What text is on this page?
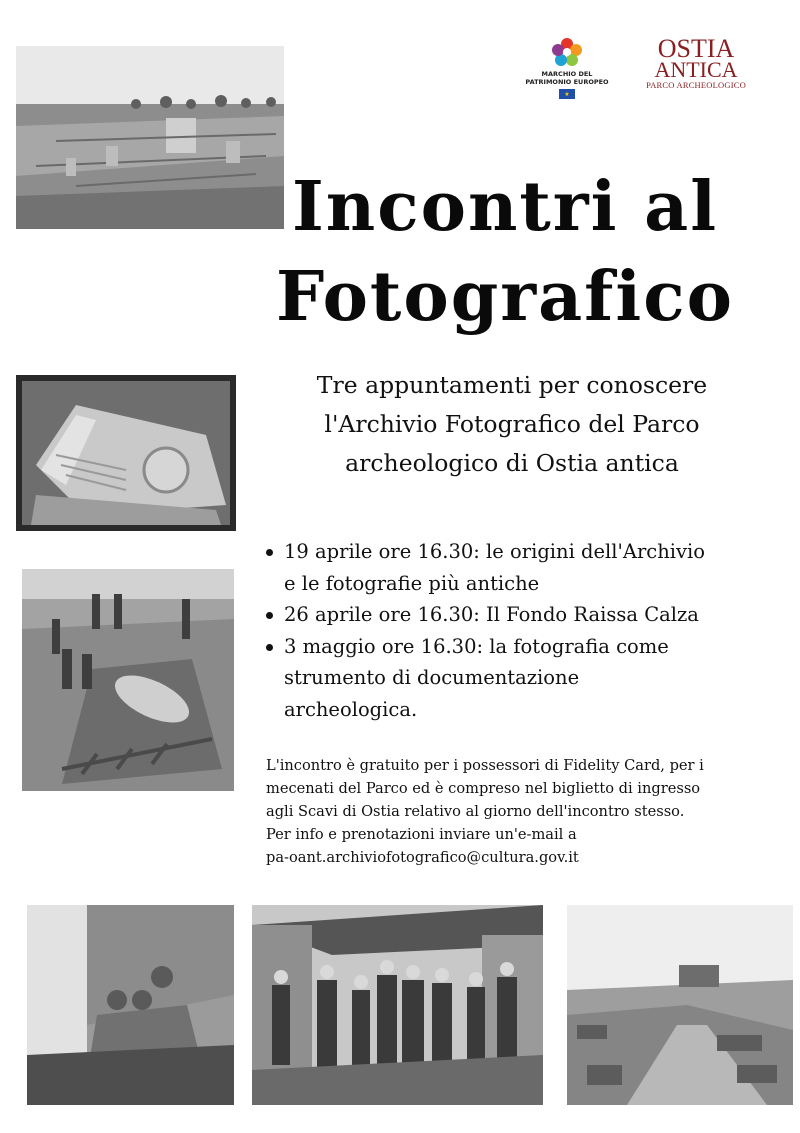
MARCHIO DEL
PATRIMONIO EUROPEO
★
OSTIA
ANTICA
PARCO ARCHEOLOGICO
Incontri al
Fotografico

Tre appuntamenti per conoscere
l'Archivio Fotografico del Parco
archeologico di Ostia antica

19 aprile ore 16.30: le origini dell'Archivio
e le fotografie più antiche
26 aprile ore 16.30: Il Fondo Raissa Calza
3 maggio ore 16.30: la fotografia come
strumento di documentazione
archeologica.

L'incontro è gratuito per i possessori di Fidelity Card, per i
mecenati del Parco ed è compreso nel biglietto di ingresso
agli Scavi di Ostia relativo al giorno dell'incontro stesso.
Per info e prenotazioni inviare un'e-mail a
pa-oant.archiviofotografico@cultura.gov.it
